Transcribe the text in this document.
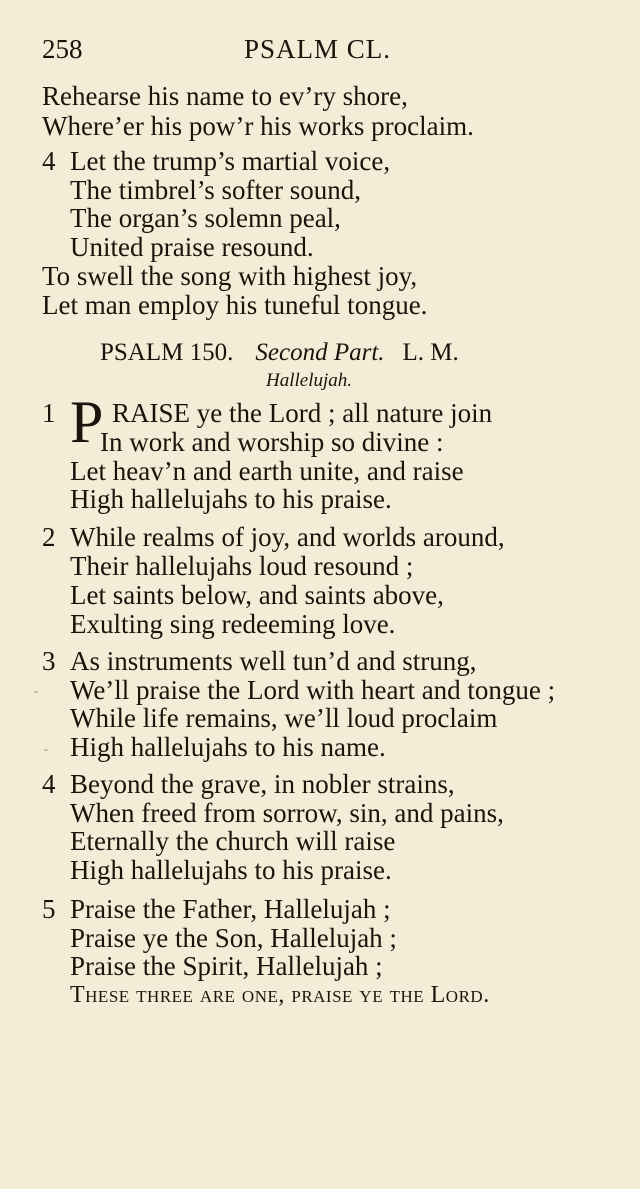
258	PSALM CL.
Rehearse his name to ev’ry shore,
Where’er his pow’r his works proclaim.
4 Let the trump’s martial voice,
The timbrel’s softer sound,
The organ’s solemn peal,
United praise resound.
To swell the song with highest joy,
Let man employ his tuneful tongue.
PSALM 150. Second Part. L. M.
Hallelujah.
1 P RAISE ye the Lord ; all nature join
In work and worship so divine :
Let heav’n and earth unite, and raise
High hallelujahs to his praise.
2 While realms of joy, and worlds around,
Their hallelujahs loud resound ;
Let saints below, and saints above,
Exulting sing redeeming love.
3 As instruments well tun’d and strung,
We’ll praise the Lord with heart and tongue ;
While life remains, we’ll loud proclaim
High hallelujahs to his name.
4 Beyond the grave, in nobler strains,
When freed from sorrow, sin, and pains,
Eternally the church will raise
High hallelujahs to his praise.
5 Praise the Father, Hallelujah ;
Praise ye the Son, Hallelujah ;
Praise the Spirit, Hallelujah ;
These three are one, praise ye the Lord.
‐
‐
